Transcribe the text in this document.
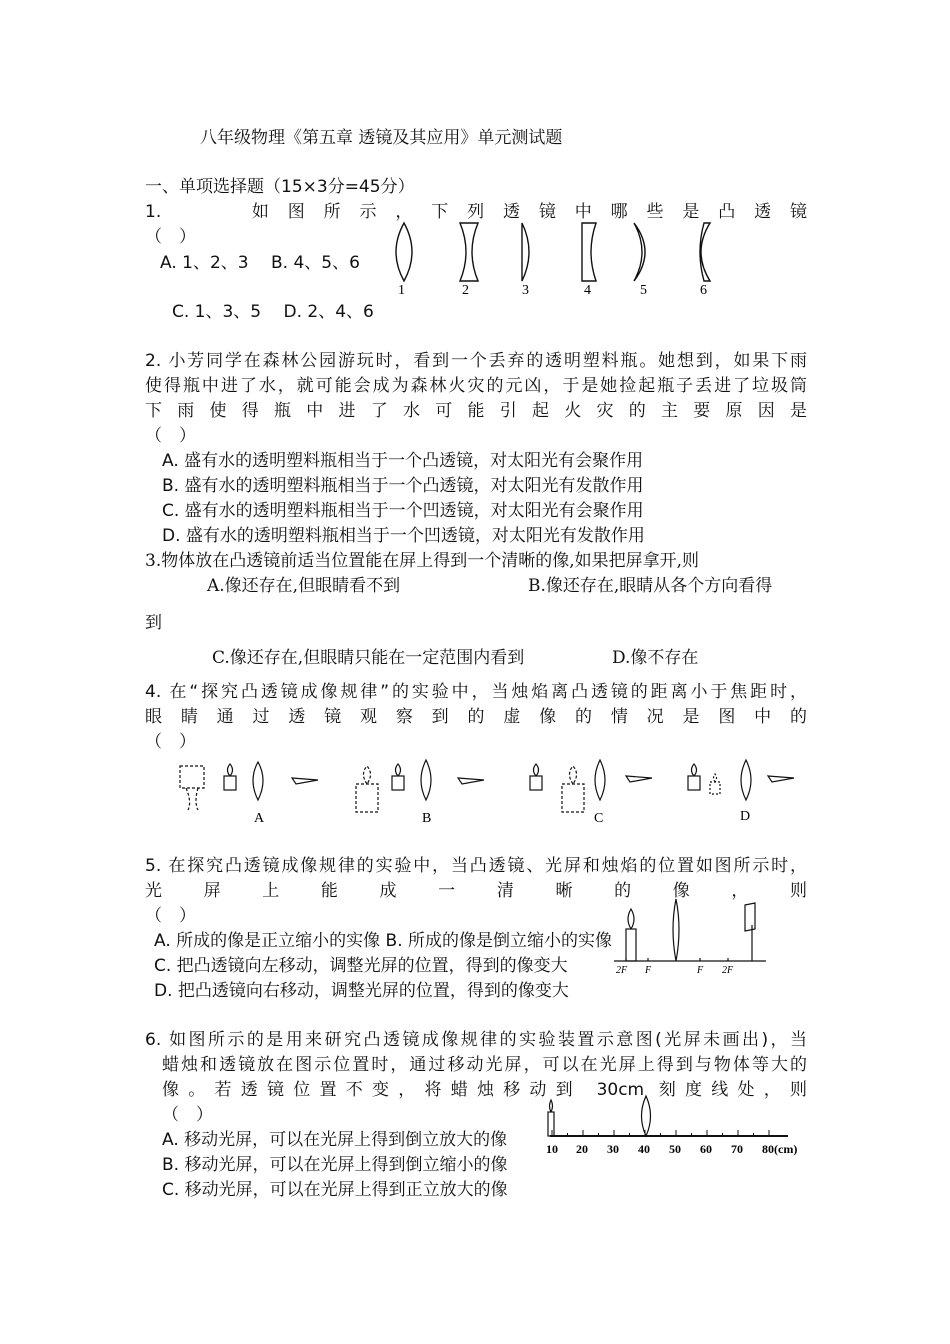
八年级物理《第五章 透镜及其应用》单元测试题
一、单项选择题（15×3分=45分）
1.　　如图所示，下列透镜中哪些是凸透镜
（　）
A. 1、2、3　 B. 4、5、6
C. 1、3、5　 D. 2、4、6
1	2	3	4	5	6
2. 小芳同学在森林公园游玩时，看到一个丢弃的透明塑料瓶。她想到，如果下雨
使得瓶中进了水，就可能会成为森林火灾的元凶，于是她捡起瓶子丢进了垃圾筒
下雨使得瓶中进了水可能引起火灾的主要原因是
（　）
A. 盛有水的透明塑料瓶相当于一个凸透镜，对太阳光有会聚作用
B. 盛有水的透明塑料瓶相当于一个凸透镜，对太阳光有发散作用
C. 盛有水的透明塑料瓶相当于一个凹透镜，对太阳光有会聚作用
D. 盛有水的透明塑料瓶相当于一个凹透镜，对太阳光有发散作用
3.物体放在凸透镜前适当位置能在屏上得到一个清晰的像,如果把屏拿开,则
A.像还存在,但眼睛看不到	B.像还存在,眼睛从各个方向看得
到
C.像还存在,但眼睛只能在一定范围内看到	D.像不存在
4. 在“探究凸透镜成像规律”的实验中，当烛焰离凸透镜的距离小于焦距时，
眼睛通过透镜观察到的虚像的情况是图中的
（　）
A	B	C	D
5. 在探究凸透镜成像规律的实验中，当凸透镜、光屏和烛焰的位置如图所示时，
光屏上能成一清晰的像，则
（　）
2F F	F 2F
A. 所成的像是正立缩小的实像 B. 所成的像是倒立缩小的实像
C. 把凸透镜向左移动，调整光屏的位置，得到的像变大
D. 把凸透镜向右移动，调整光屏的位置，得到的像变大
6. 如图所示的是用来研究凸透镜成像规律的实验装置示意图(光屏未画出)，当
蜡烛和透镜放在图示位置时，通过移动光屏，可以在光屏上得到与物体等大的
像。若透镜位置不变，将蜡烛移动到 30cm 刻度线处，则
（　）
10 20 30 40 50 60 70 80(cm)
A. 移动光屏，可以在光屏上得到倒立放大的像
B. 移动光屏，可以在光屏上得到倒立缩小的像
C. 移动光屏，可以在光屏上得到正立放大的像
